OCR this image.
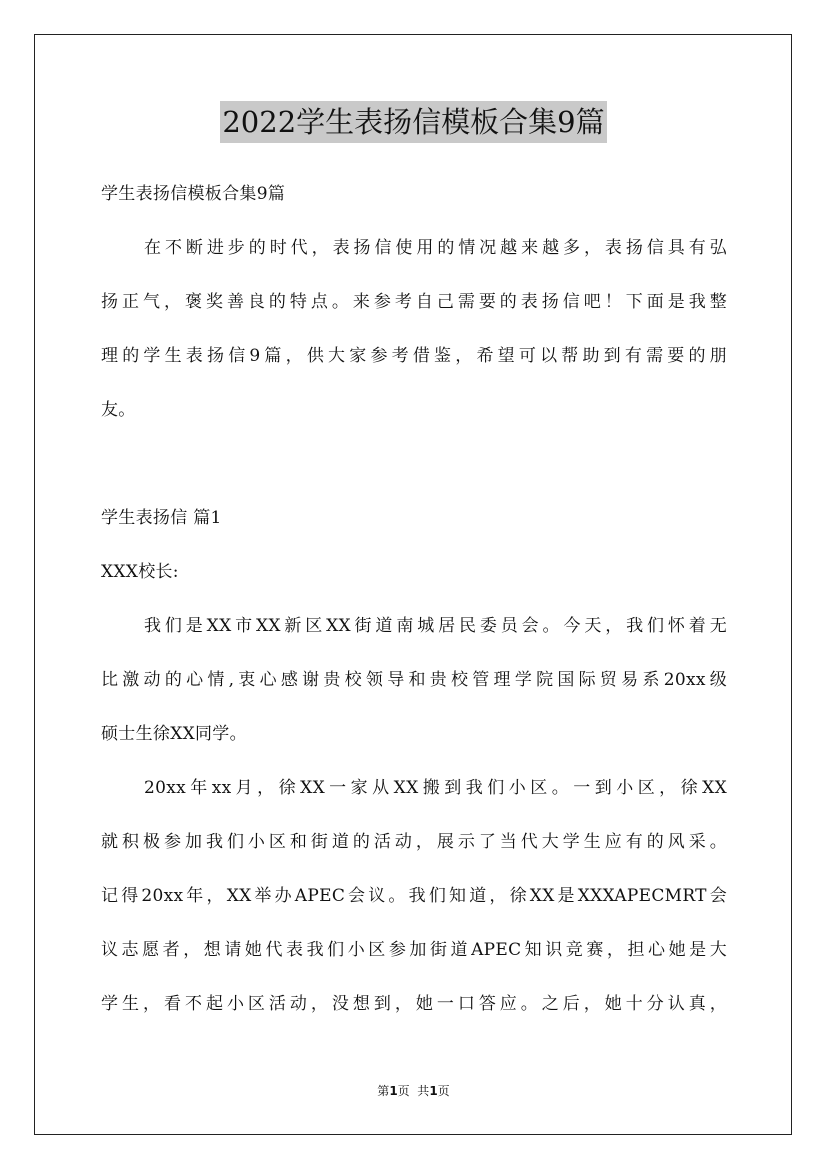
2022学生表扬信模板合集9篇
学生表扬信模板合集9篇
在不断进步的时代，表扬信使用的情况越来越多，表扬信具有弘
扬正气，褒奖善良的特点。来参考自己需要的表扬信吧！下面是我整
理的学生表扬信9篇，供大家参考借鉴，希望可以帮助到有需要的朋
友。
学生表扬信 篇1
XXX校长:
我们是XX市XX新区XX街道南城居民委员会。今天，我们怀着无
比激动的心情,衷心感谢贵校领导和贵校管理学院国际贸易系20xx级
硕士生徐XX同学。
20xx年xx月，徐XX一家从XX搬到我们小区。一到小区，徐XX
就积极参加我们小区和街道的活动，展示了当代大学生应有的风采。
记得20xx年，XX举办APEC会议。我们知道，徐XX是XXXAPECMRT会
议志愿者，想请她代表我们小区参加街道APEC知识竞赛，担心她是大
学生，看不起小区活动，没想到，她一口答应。之后，她十分认真，
第1页  共1页
